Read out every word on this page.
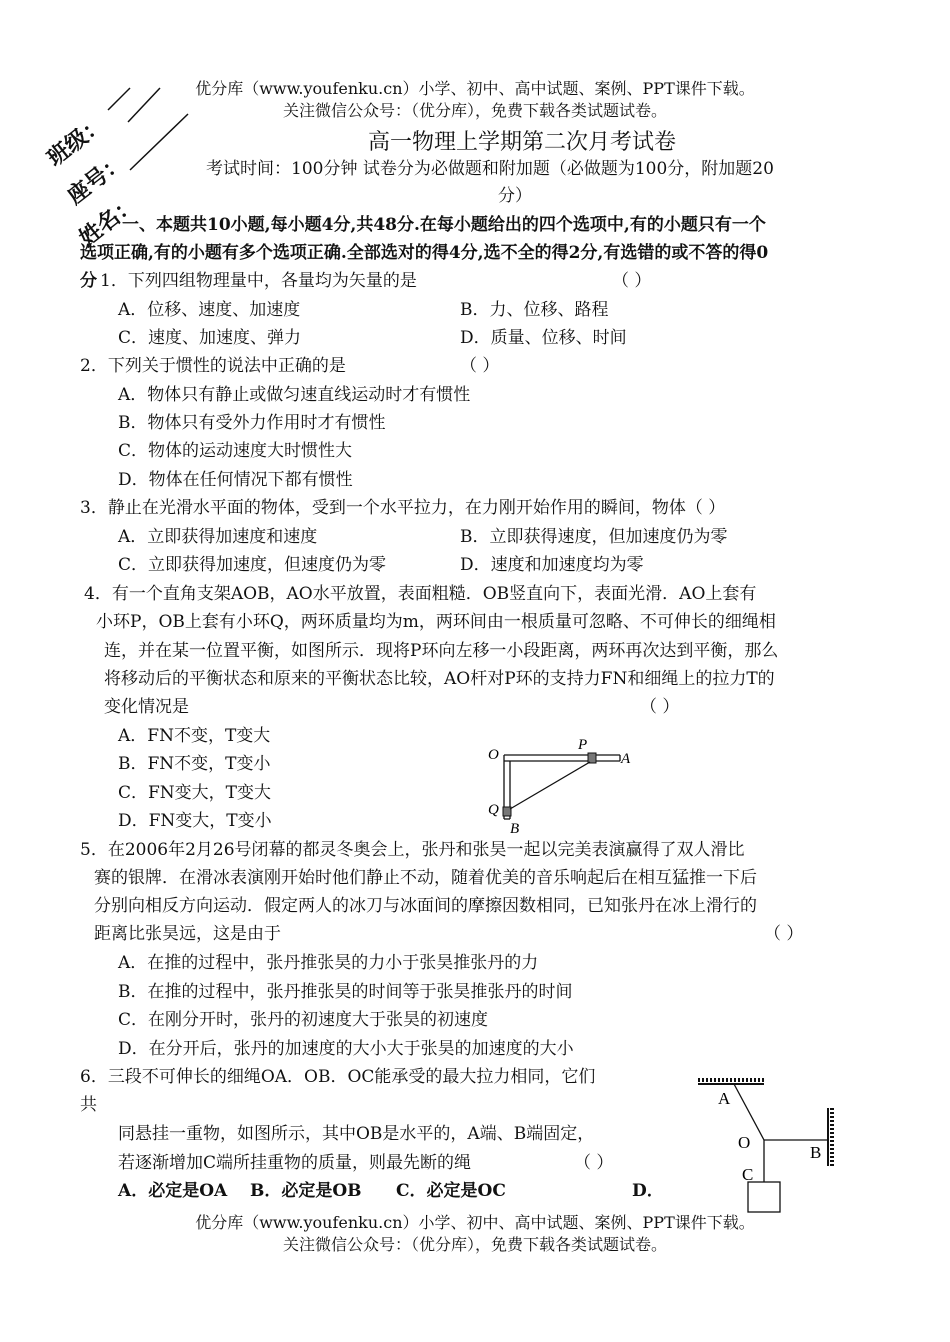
优分库（www.youfenku.cn）小学、初中、高中试题、案例、PPT课件下载。
关注微信公众号：（优分库），免费下载各类试题试卷。
班级：
座号：
姓名：
高一物理上学期第二次月考试卷
考试时间：100分钟 试卷分为必做题和附加题（必做题为100分，附加题20
分）
一、本题共10小题,每小题4分,共48分.在每小题给出的四个选项中,有的小题只有一个
选项正确,有的小题有多个选项正确.全部选对的得4分,选不全的得2分,有选错的或不答的得0
分 1．下列四组物理量中，各量均为矢量的是	（ ）
A．位移、速度、加速度	B．力、位移、路程
C．速度、加速度、弹力	D．质量、位移、时间
2．下列关于惯性的说法中正确的是	（ ）
A．物体只有静止或做匀速直线运动时才有惯性
B．物体只有受外力作用时才有惯性
C．物体的运动速度大时惯性大
D．物体在任何情况下都有惯性
3．静止在光滑水平面的物体，受到一个水平拉力，在力刚开始作用的瞬间，物体（ ）
A．立即获得加速度和速度	B．立即获得速度，但加速度仍为零
C．立即获得加速度，但速度仍为零	D．速度和加速度均为零
4．有一个直角支架AOB，AO水平放置，表面粗糙．OB竖直向下，表面光滑．AO上套有
小环P，OB上套有小环Q，两环质量均为m，两环间由一根质量可忽略、不可伸长的细绳相
连，并在某一位置平衡，如图所示．现将P环向左移一小段距离，两环再次达到平衡，那么
将移动后的平衡状态和原来的平衡状态比较，AO杆对P环的支持力FN和细绳上的拉力T的
变化情况是	（ ）
A．FN不变，T变大
B．FN不变，T变小
C．FN变大，T变大
D．FN变大，T变小
O
P
A
Q
B
5．在2006年2月26号闭幕的都灵冬奥会上，张丹和张昊一起以完美表演赢得了双人滑比
赛的银牌．在滑冰表演刚开始时他们静止不动，随着优美的音乐响起后在相互猛推一下后
分别向相反方向运动．假定两人的冰刀与冰面间的摩擦因数相同，已知张丹在冰上滑行的
距离比张昊远，这是由于	（ ）
A．在推的过程中，张丹推张昊的力小于张昊推张丹的力
B．在推的过程中，张丹推张昊的时间等于张昊推张丹的时间
C．在刚分开时，张丹的初速度大于张昊的初速度
D．在分开后，张丹的加速度的大小大于张昊的加速度的大小
6．三段不可伸长的细绳OA．OB．OC能承受的最大拉力相同，它们
共
同悬挂一重物，如图所示，其中OB是水平的，A端、B端固定，
若逐渐增加C端所挂重物的质量，则最先断的绳	（ ）
A．必定是OA B．必定是OB C．必定是OC	D．
A
O
B
C
优分库（www.youfenku.cn）小学、初中、高中试题、案例、PPT课件下载。
关注微信公众号：（优分库），免费下载各类试题试卷。
